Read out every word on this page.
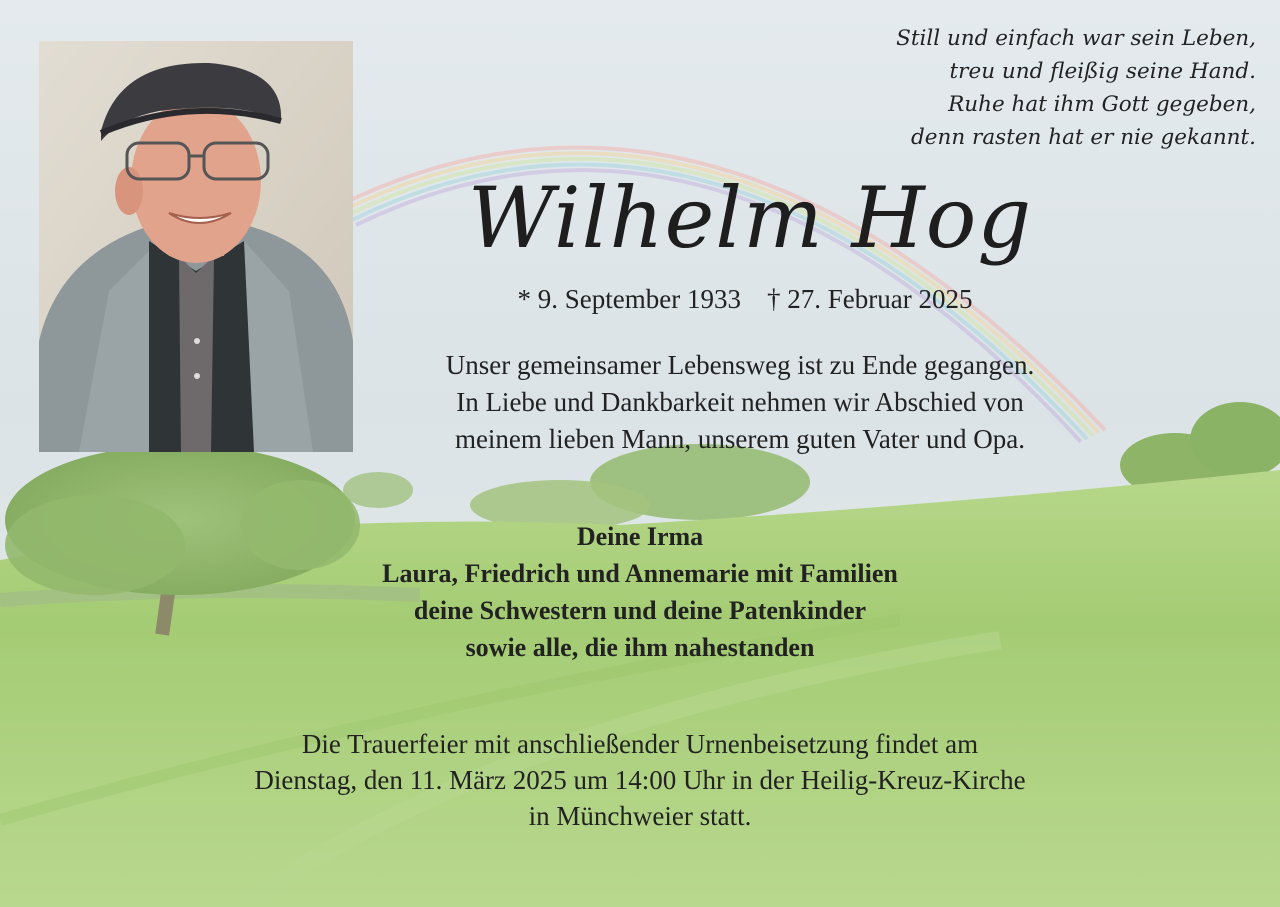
Still und einfach war sein Leben,
treu und fleißig seine Hand.
Ruhe hat ihm Gott gegeben,
denn rasten hat er nie gekannt.
Wilhelm Hog
* 9. September 1933 † 27. Februar 2025
Unser gemeinsamer Lebensweg ist zu Ende gegangen.
In Liebe und Dankbarkeit nehmen wir Abschied von
meinem lieben Mann, unserem guten Vater und Opa.
Deine Irma
Laura, Friedrich und Annemarie mit Familien
deine Schwestern und deine Patenkinder
sowie alle, die ihm nahestanden
Die Trauerfeier mit anschließender Urnenbeisetzung findet am
Dienstag, den 11. März 2025 um 14:00 Uhr in der Heilig-Kreuz-Kirche
in Münchweier statt.
